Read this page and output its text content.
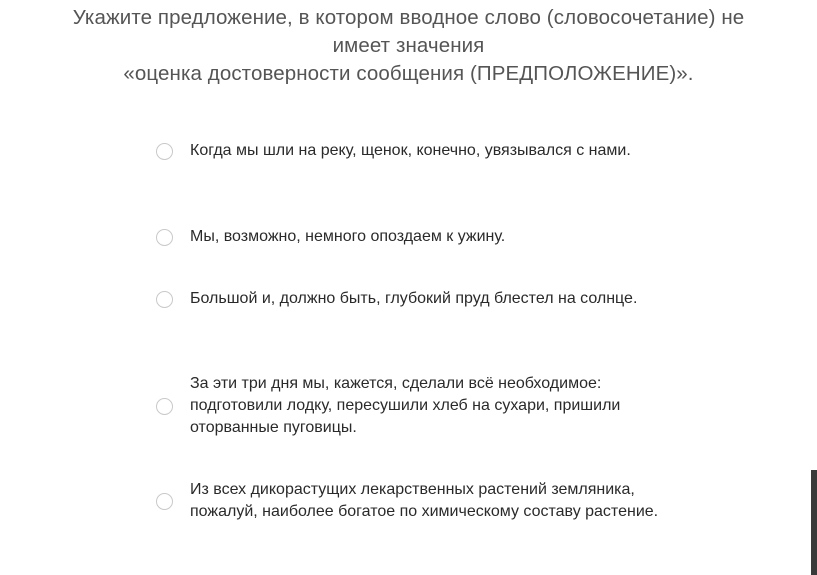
Укажите предложение, в котором вводное слово (словосочетание) не
имеет значения
«оценка достоверности сообщения (ПРЕДПОЛОЖЕНИЕ)».
Когда мы шли на реку, щенок, конечно, увязывался с нами.
Мы, возможно, немного опоздаем к ужину.
Большой и, должно быть, глубокий пруд блестел на солнце.
За эти три дня мы, кажется, сделали всё необходимое: подготовили лодку, пересушили хлеб на сухари, пришили оторванные пуговицы.
Из всех дикорастущих лекарственных растений земляника, пожалуй, наиболее богатое по химическому составу растение.
